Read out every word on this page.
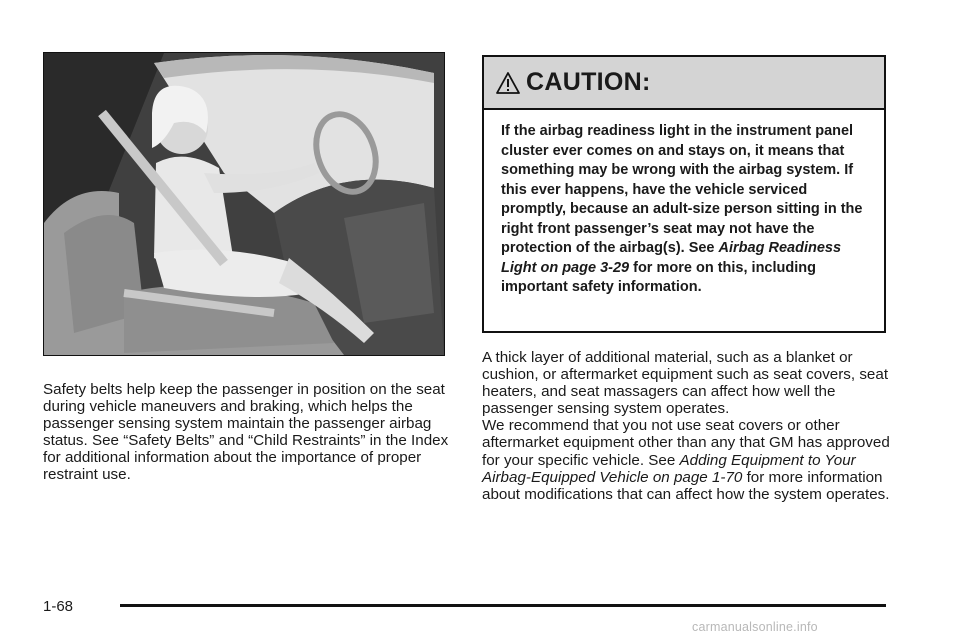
Safety belts help keep the passenger in position on the seat during vehicle maneuvers and braking, which helps the passenger sensing system maintain the passenger airbag status. See “Safety Belts” and “Child Restraints” in the Index for additional information about the importance of proper restraint use.

CAUTION:
If the airbag readiness light in the instrument panel cluster ever comes on and stays on, it means that something may be wrong with the airbag system. If this ever happens, have the vehicle serviced promptly, because an adult-size person sitting in the right front passenger’s seat may not have the protection of the airbag(s). See Airbag Readiness Light on page 3-29 for more on this, including important safety information.

A thick layer of additional material, such as a blanket or cushion, or aftermarket equipment such as seat covers, seat heaters, and seat massagers can affect how well the passenger sensing system operates.

We recommend that you not use seat covers or other aftermarket equipment other than any that GM has approved for your specific vehicle. See Adding Equipment to Your Airbag-Equipped Vehicle on page 1-70 for more information about modifications that can affect how the system operates.

1-68
carmanualsonline.info
